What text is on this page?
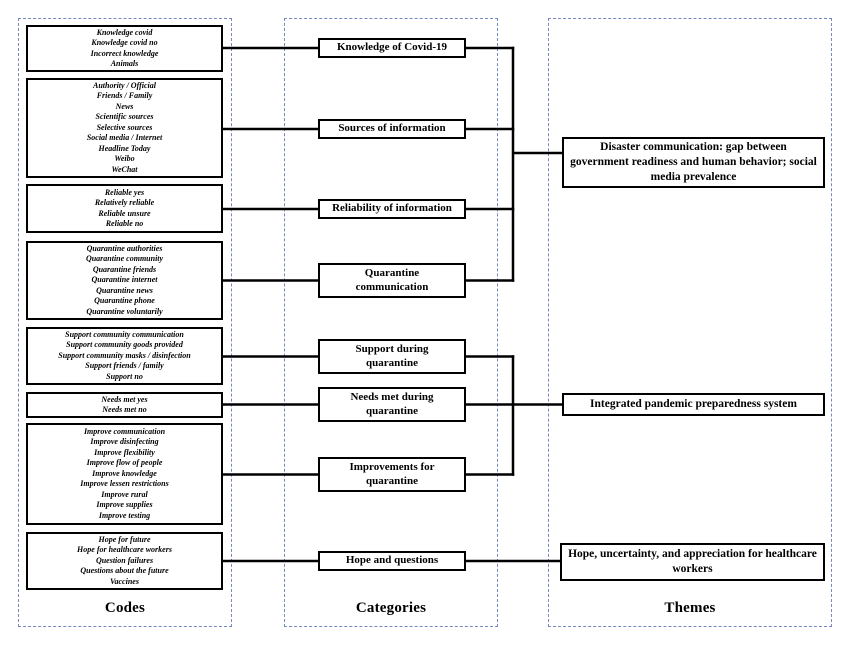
Codes	Categories	Themes
Knowledge covid
Knowledge covid no
Incorrect knowledge
Animals
Knowledge of Covid-19
Authority / Official
Friends / Family
News
Scientific sources
Selective sources
Social media / Internet
Headline Today
Weibo
WeChat
Sources of information
Reliable yes
Relatively reliable
Reliable unsure
Reliable no
Reliability of information
Quarantine authorities
Quarantine community
Quarantine friends
Quarantine internet
Quarantine news
Quarantine phone
Quarantine voluntarily
Quarantine communication
Support community communication
Support community goods provided
Support community masks / disinfection
Support friends / family
Support no
Support during quarantine
Needs met yes
Needs met no
Needs met during quarantine
Improve communication
Improve disinfecting
Improve flexibility
Improve flow of people
Improve knowledge
Improve lessen restrictions
Improve rural
Improve supplies
Improve testing
Improvements for quarantine
Hope for future
Hope for healthcare workers
Question failures
Questions about the future
Vaccines
Hope and questions
Disaster communication: gap between government readiness and human behavior; social media prevalence
Integrated pandemic preparedness system
Hope, uncertainty, and appreciation for healthcare workers
